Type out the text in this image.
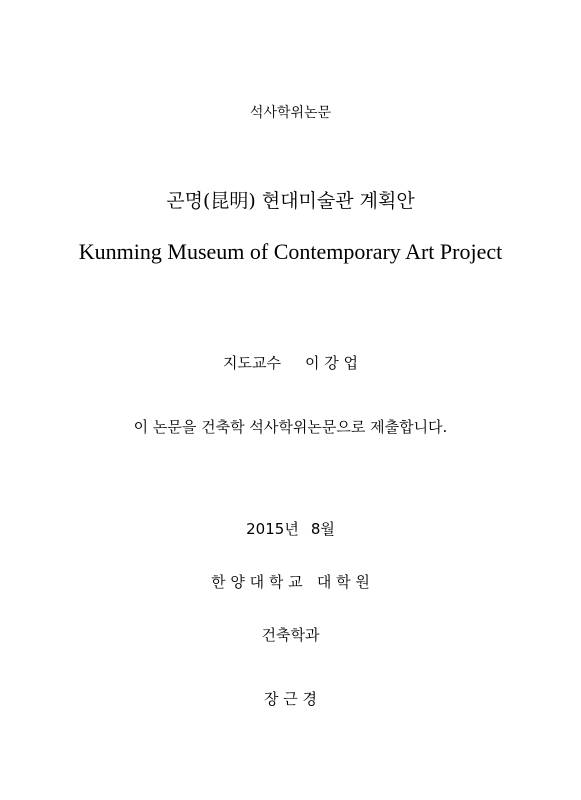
석사학위논문
곤명(昆明) 현대미술관 계획안
Kunming Museum of Contemporary Art Project
지도교수 이 강 업
이 논문을 건축학 석사학위논문으로 제출합니다.
2015년 8월
한 양 대 학 교   대 학 원
건축학과
장 근 경
